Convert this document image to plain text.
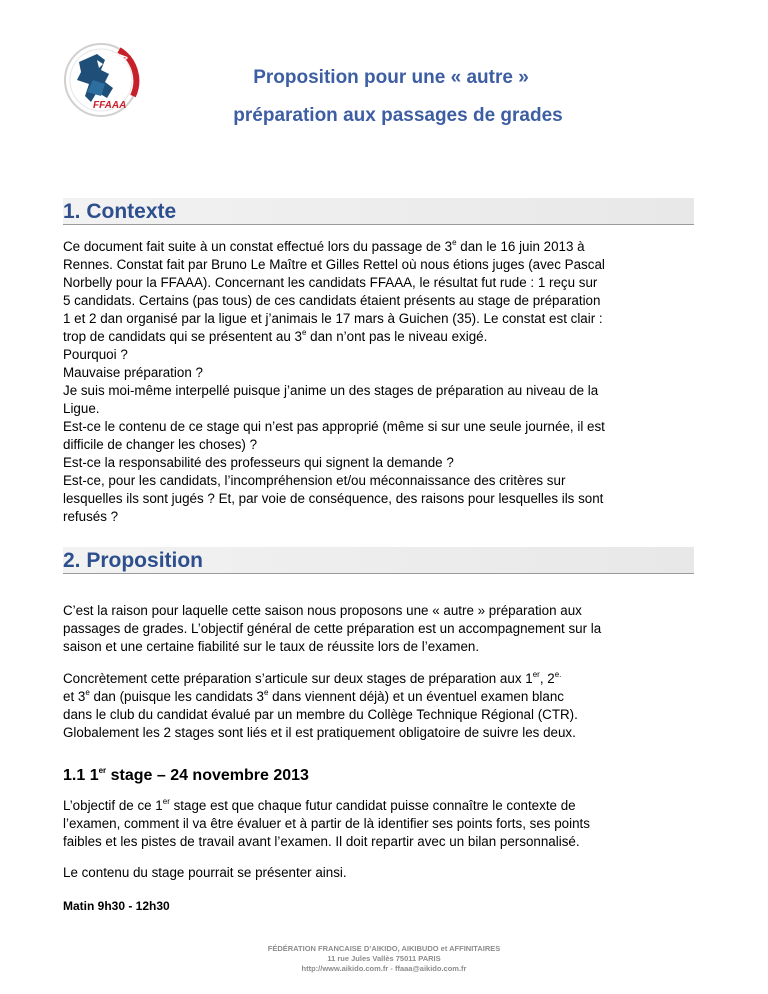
AIKIDO
FFAAA
Proposition pour une « autre »
préparation aux passages de grades
1. Contexte
Ce document fait suite à un constat effectué lors du passage de 3e dan le 16 juin 2013 à
Rennes. Constat fait par Bruno Le Maître et Gilles Rettel où nous étions juges (avec Pascal
Norbelly pour la FFAAA). Concernant les candidats FFAAA, le résultat fut rude : 1 reçu sur
5 candidats. Certains (pas tous) de ces candidats étaient présents au stage de préparation
1 et 2 dan organisé par la ligue et j’animais le 17 mars à Guichen (35). Le constat est clair :
trop de candidats qui se présentent au 3e dan n’ont pas le niveau exigé.
Pourquoi ?
Mauvaise préparation ?
Je suis moi-même interpellé puisque j’anime un des stages de préparation au niveau de la
Ligue.
Est-ce le contenu de ce stage qui n’est pas approprié (même si sur une seule journée, il est
difficile de changer les choses) ?
Est-ce la responsabilité des professeurs qui signent la demande ?
Est-ce, pour les candidats, l’incompréhension et/ou méconnaissance des critères sur
lesquelles ils sont jugés ? Et, par voie de conséquence, des raisons pour lesquelles ils sont
refusés ?
2. Proposition
C’est la raison pour laquelle cette saison nous proposons une « autre » préparation aux
passages de grades. L’objectif général de cette préparation est un accompagnement sur la
saison et une certaine fiabilité sur le taux de réussite lors de l’examen.
Concrètement cette préparation s’articule sur deux stages de préparation aux 1er, $2^{e.}$
et 3e dan (puisque les candidats 3e dans viennent déjà) et un éventuel examen blanc
dans le club du candidat évalué par un membre du Collège Technique Régional (CTR).
Globalement les 2 stages sont liés et il est pratiquement obligatoire de suivre les deux.
1.1 1er stage – 24 novembre 2013
L’objectif de ce 1er stage est que chaque futur candidat puisse connaître le contexte de
l’examen, comment il va être évaluer et à partir de là identifier ses points forts, ses points
faibles et les pistes de travail avant l’examen. Il doit repartir avec un bilan personnalisé.
Le contenu du stage pourrait se présenter ainsi.
Matin 9h30 - 12h30
FÉDÉRATION FRANCAISE D’AIKIDO, AIKIBUDO et AFFINITAIRES
11 rue Jules Vallès 75011 PARIS
http://www.aikido.com.fr - ffaaa@aikido.com.fr
